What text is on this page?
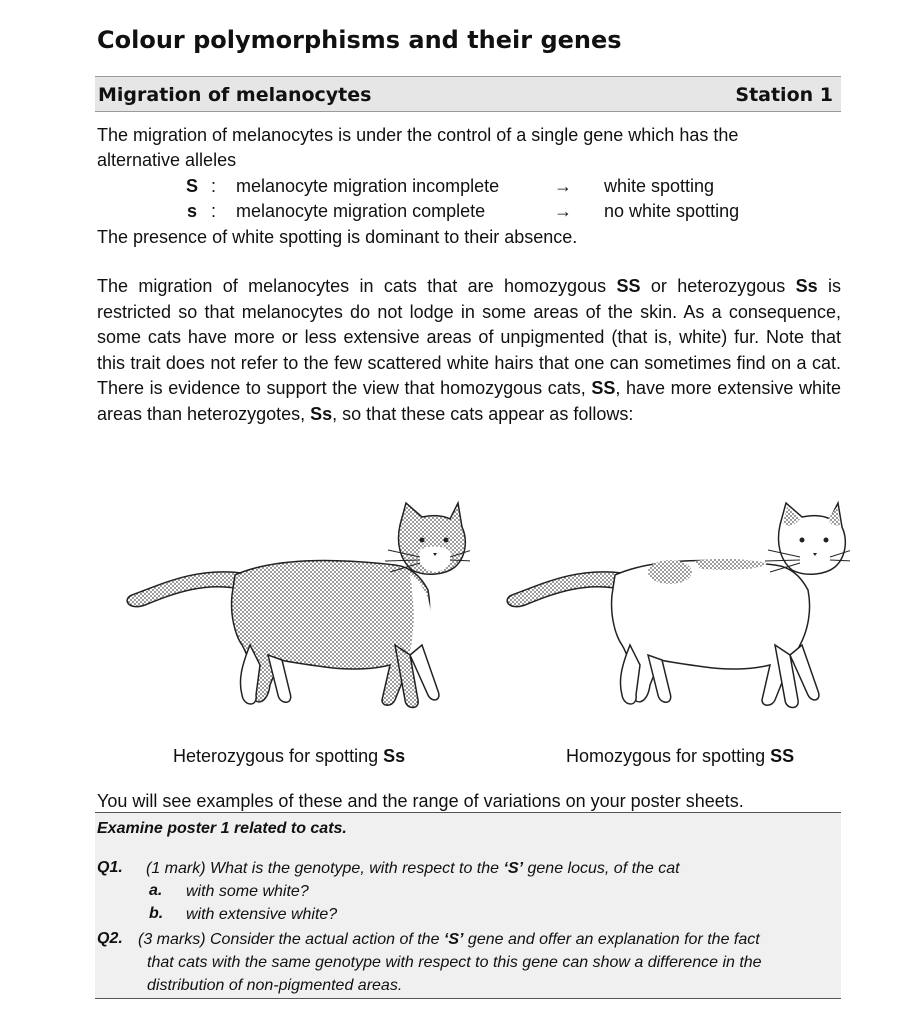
Colour polymorphisms and their genes
Migration of melanocytes	Station 1

The migration of melanocytes is under the control of a single gene which has the

alternative alleles

S : melanocyte migration incomplete	→ white spotting
s : melanocyte migration complete	→ no white spotting

The presence of white spotting is dominant to their absence.

The migration of melanocytes in cats that are homozygous SS or heterozygous Ss is restricted so that melanocytes do not lodge in some areas of the skin. As a consequence, some cats have more or less extensive areas of unpigmented (that is, white) fur. Note that this trait does not refer to the few scattered white hairs that one can sometimes find on a cat. There is evidence to support the view that homozygous cats, SS, have more extensive white areas than heterozygotes, Ss, so that these cats appear as follows:

Heterozygous for spotting Ss	Homozygous for spotting SS
You will see examples of these and the range of variations on your poster sheets.
Examine poster 1 related to cats.
Q1. (1 mark) What is the genotype, with respect to the ‘S’ gene locus, of the cat
a. with some white?
b. with extensive white?
Q2. (3 marks) Consider the actual action of the ‘S’ gene and offer an explanation for the fact
that cats with the same genotype with respect to this gene can show a difference in the
distribution of non-pigmented areas.
